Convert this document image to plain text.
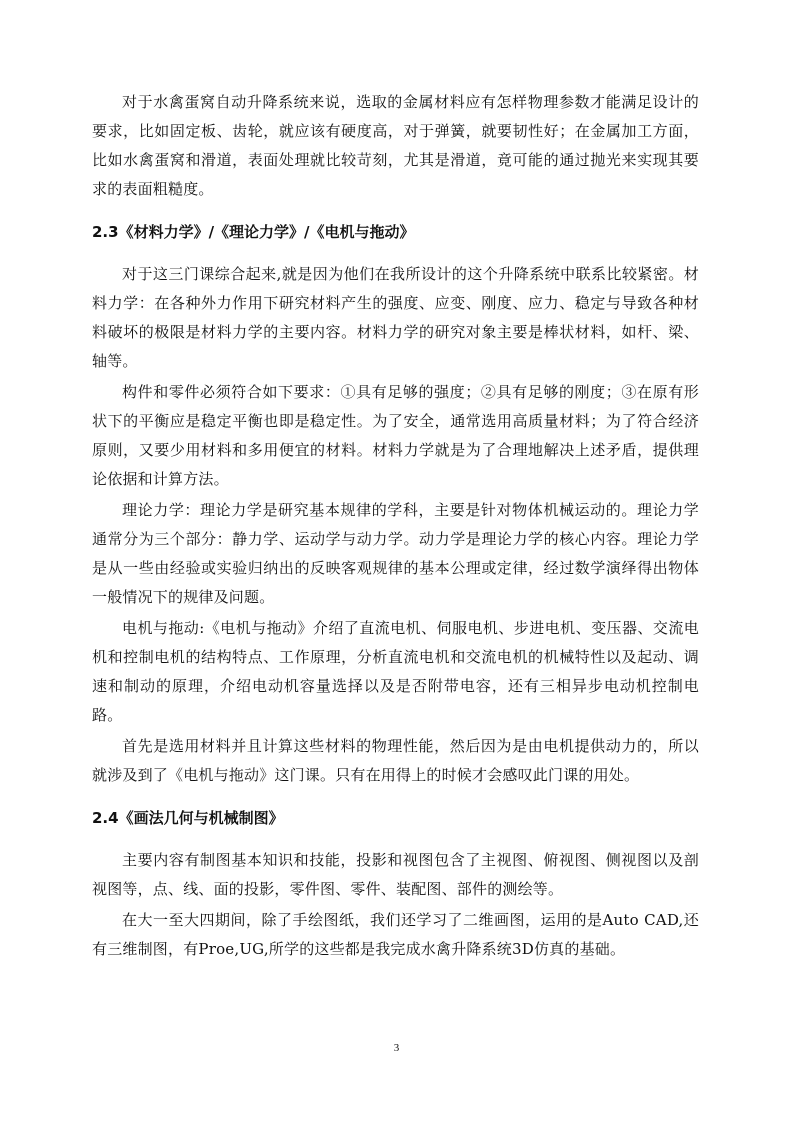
对于水禽蛋窝自动升降系统来说，选取的金属材料应有怎样物理参数才能满足设计的要求，比如固定板、齿轮，就应该有硬度高，对于弹簧，就要韧性好；在金属加工方面，比如水禽蛋窝和滑道，表面处理就比较苛刻，尤其是滑道，竟可能的通过抛光来实现其要求的表面粗糙度。

2.3《材料力学》/《理论力学》/《电机与拖动》

对于这三门课综合起来,就是因为他们在我所设计的这个升降系统中联系比较紧密。材料力学：在各种外力作用下研究材料产生的强度、应变、刚度、应力、稳定与导致各种材料破坏的极限是材料力学的主要内容。材料力学的研究对象主要是棒状材料，如杆、梁、轴等。

构件和零件必须符合如下要求：①具有足够的强度；②具有足够的刚度；③在原有形状下的平衡应是稳定平衡也即是稳定性。为了安全，通常选用高质量材料；为了符合经济原则，又要少用材料和多用便宜的材料。材料力学就是为了合理地解决上述矛盾，提供理论依据和计算方法。

理论力学：理论力学是研究基本规律的学科，主要是针对物体机械运动的。理论力学通常分为三个部分：静力学、运动学与动力学。动力学是理论力学的核心内容。理论力学是从一些由经验或实验归纳出的反映客观规律的基本公理或定律，经过数学演绎得出物体一般情况下的规律及问题。

电机与拖动:《电机与拖动》介绍了直流电机、伺服电机、步进电机、变压器、交流电机和控制电机的结构特点、工作原理，分析直流电机和交流电机的机械特性以及起动、调速和制动的原理，介绍电动机容量选择以及是否附带电容，还有三相异步电动机控制电路。

首先是选用材料并且计算这些材料的物理性能，然后因为是由电机提供动力的，所以就涉及到了《电机与拖动》这门课。只有在用得上的时候才会感叹此门课的用处。

2.4《画法几何与机械制图》

主要内容有制图基本知识和技能，投影和视图包含了主视图、俯视图、侧视图以及剖视图等，点、线、面的投影，零件图、零件、装配图、部件的测绘等。

在大一至大四期间，除了手绘图纸，我们还学习了二维画图，运用的是Auto CAD,还有三维制图，有Proe,UG,所学的这些都是我完成水禽升降系统3D仿真的基础。

3
